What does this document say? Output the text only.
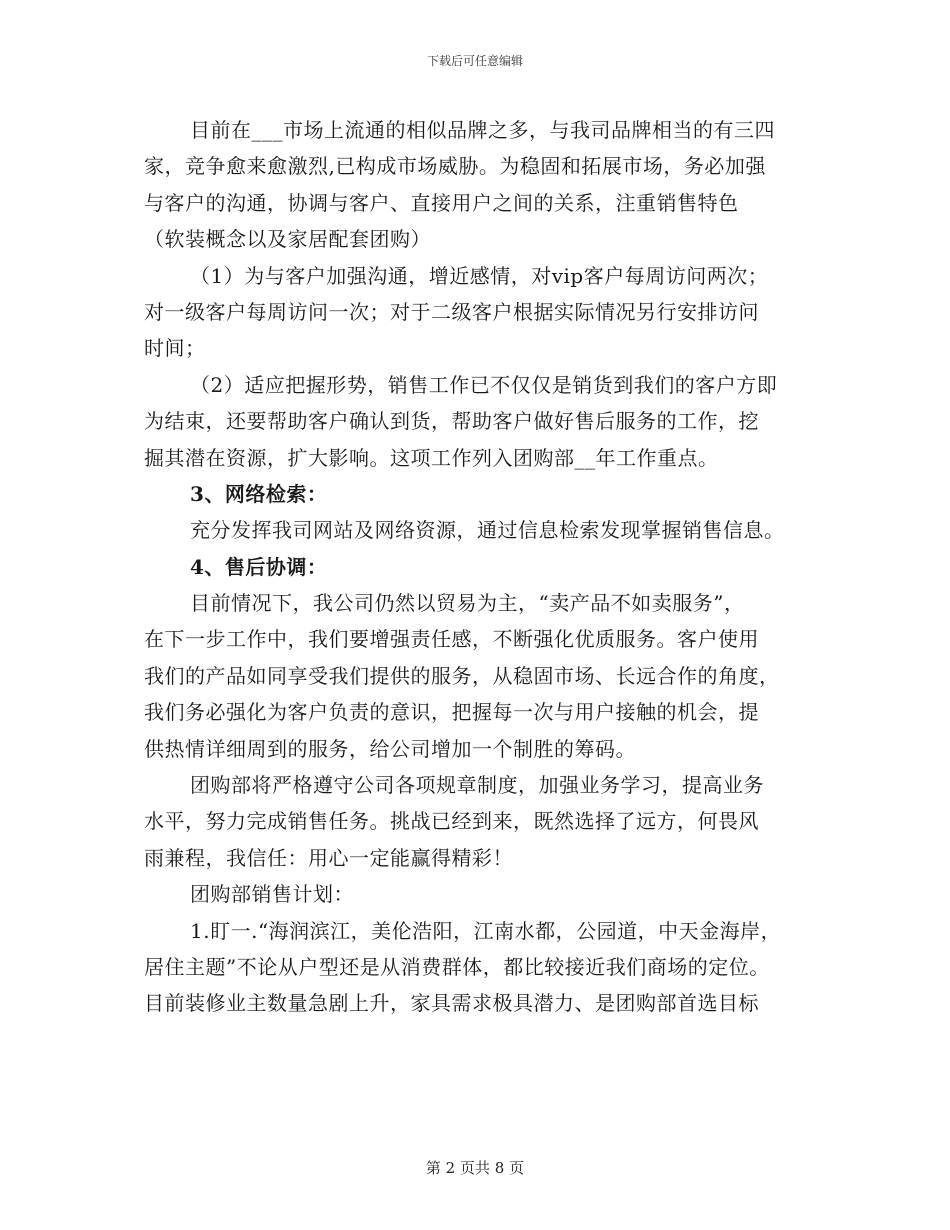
下载后可任意编辑
目前在___市场上流通的相似品牌之多，与我司品牌相当的有三四
家，竞争愈来愈激烈,已构成市场威胁。为稳固和拓展市场，务必加强
与客户的沟通，协调与客户、直接用户之间的关系，注重销售特色
（软装概念以及家居配套团购）
（1）为与客户加强沟通，增近感情，对vip客户每周访问两次；
对一级客户每周访问一次；对于二级客户根据实际情况另行安排访问
时间；
（2）适应把握形势，销售工作已不仅仅是销货到我们的客户方即
为结束，还要帮助客户确认到货，帮助客户做好售后服务的工作，挖
掘其潜在资源，扩大影响。这项工作列入团购部__年工作重点。
3、网络检索：
充分发挥我司网站及网络资源，通过信息检索发现掌握销售信息。
4、售后协调：
目前情况下，我公司仍然以贸易为主，“卖产品不如卖服务”，
在下一步工作中，我们要增强责任感，不断强化优质服务。客户使用
我们的产品如同享受我们提供的服务，从稳固市场、长远合作的角度，
我们务必强化为客户负责的意识，把握每一次与用户接触的机会，提
供热情详细周到的服务，给公司增加一个制胜的筹码。
团购部将严格遵守公司各项规章制度，加强业务学习，提高业务
水平，努力完成销售任务。挑战已经到来，既然选择了远方，何畏风
雨兼程，我信任：用心一定能赢得精彩！
团购部销售计划：
1.盯一.“海润滨江，美伦浩阳，江南水都，公园道，中天金海岸，
居住主题”不论从户型还是从消费群体，都比较接近我们商场的定位。
目前装修业主数量急剧上升，家具需求极具潜力、是团购部首选目标
第 2 页共 8 页
